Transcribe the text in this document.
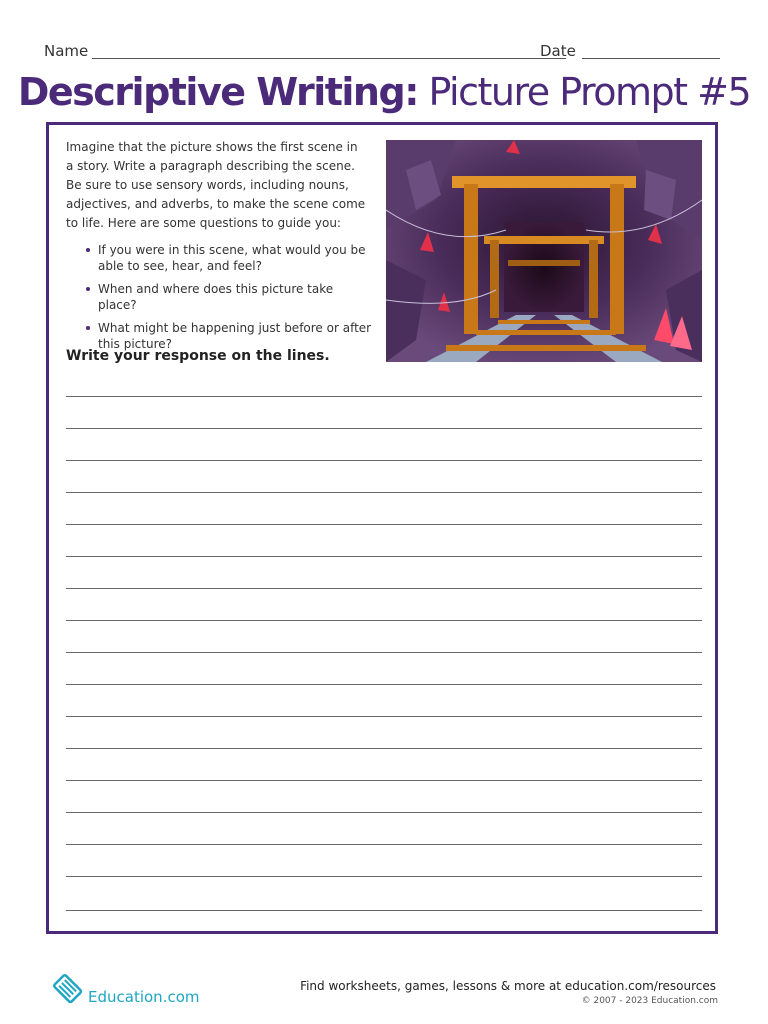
Name	Date
Descriptive Writing: Picture Prompt #5
Imagine that the picture shows the first scene in a story. Write a paragraph describing the scene. Be sure to use sensory words, including nouns, adjectives, and adverbs, to make the scene come to life. Here are some questions to guide you:
If you were in this scene, what would you be able to see, hear, and feel?
When and where does this picture take place?
What might be happening just before or after this picture?
Write your response on the lines.
Education.com
Find worksheets, games, lessons & more at education.com/resources
© 2007 - 2023 Education.com
